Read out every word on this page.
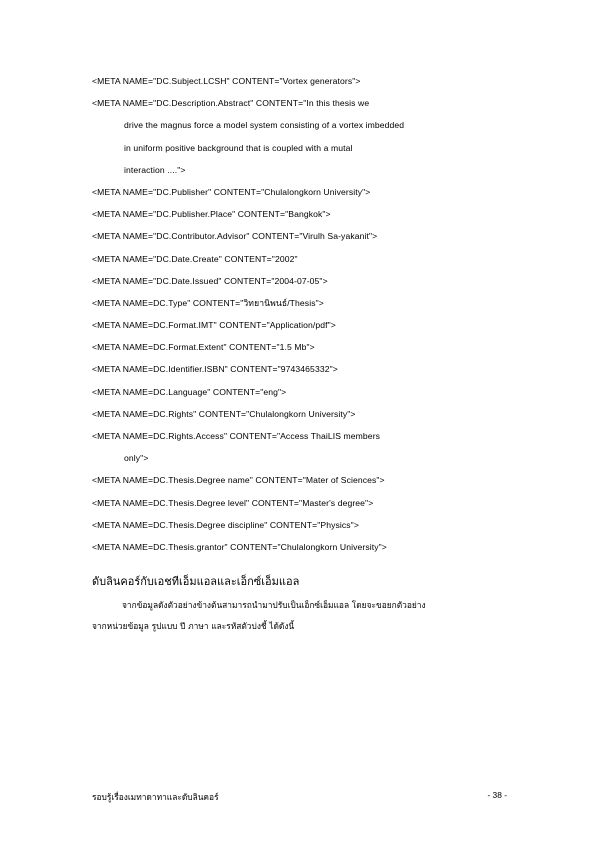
<META NAME="DC.Subject.LCSH" CONTENT="Vortex generators">
<META NAME="DC.Description.Abstract" CONTENT="In this thesis we
drive the magnus force a model system consisting of a vortex imbedded
in uniform positive background that is coupled with a mutal
interaction ....">
<META NAME="DC.Publisher" CONTENT="Chulalongkorn University">
<META NAME="DC.Publisher.Place" CONTENT="Bangkok">
<META NAME="DC.Contributor.Advisor" CONTENT="Virulh Sa-yakanit">
<META NAME="DC.Date.Create" CONTENT="2002"
<META NAME="DC.Date.Issued" CONTENT="2004-07-05">
<META NAME=DC.Type" CONTENT="วิทยานิพนธ์/Thesis">
<META NAME=DC.Format.IMT" CONTENT="Application/pdf">
<META NAME=DC.Format.Extent" CONTENT="1.5 Mb">
<META NAME=DC.Identifier.ISBN" CONTENT="9743465332">
<META NAME=DC.Language" CONTENT="eng">
<META NAME=DC.Rights" CONTENT="Chulalongkorn University">
<META NAME=DC.Rights.Access" CONTENT="Access ThaiLIS members
only">
<META NAME=DC.Thesis.Degree name" CONTENT="Mater of Sciences">
<META NAME=DC.Thesis.Degree level" CONTENT="Master's degree">
<META NAME=DC.Thesis.Degree discipline" CONTENT="Physics">
<META NAME=DC.Thesis.grantor" CONTENT="Chulalongkorn University">
ดับลินคอร์กับเอชทีเอ็มแอลและเอ็กซ์เอ็มแอล
จากข้อมูลดังตัวอย่างข้างต้นสามารถนำมาปรับเป็นเอ็กซ์เอ็มแอล โดยจะขอยกตัวอย่าง
จากหน่วยข้อมูล รูปแบบ ปี ภาษา และรหัสตัวบ่งชี้ ได้ดังนี้
รอบรู้เรื่องเมทาดาทาและดับลินคอร์	- 38 -
